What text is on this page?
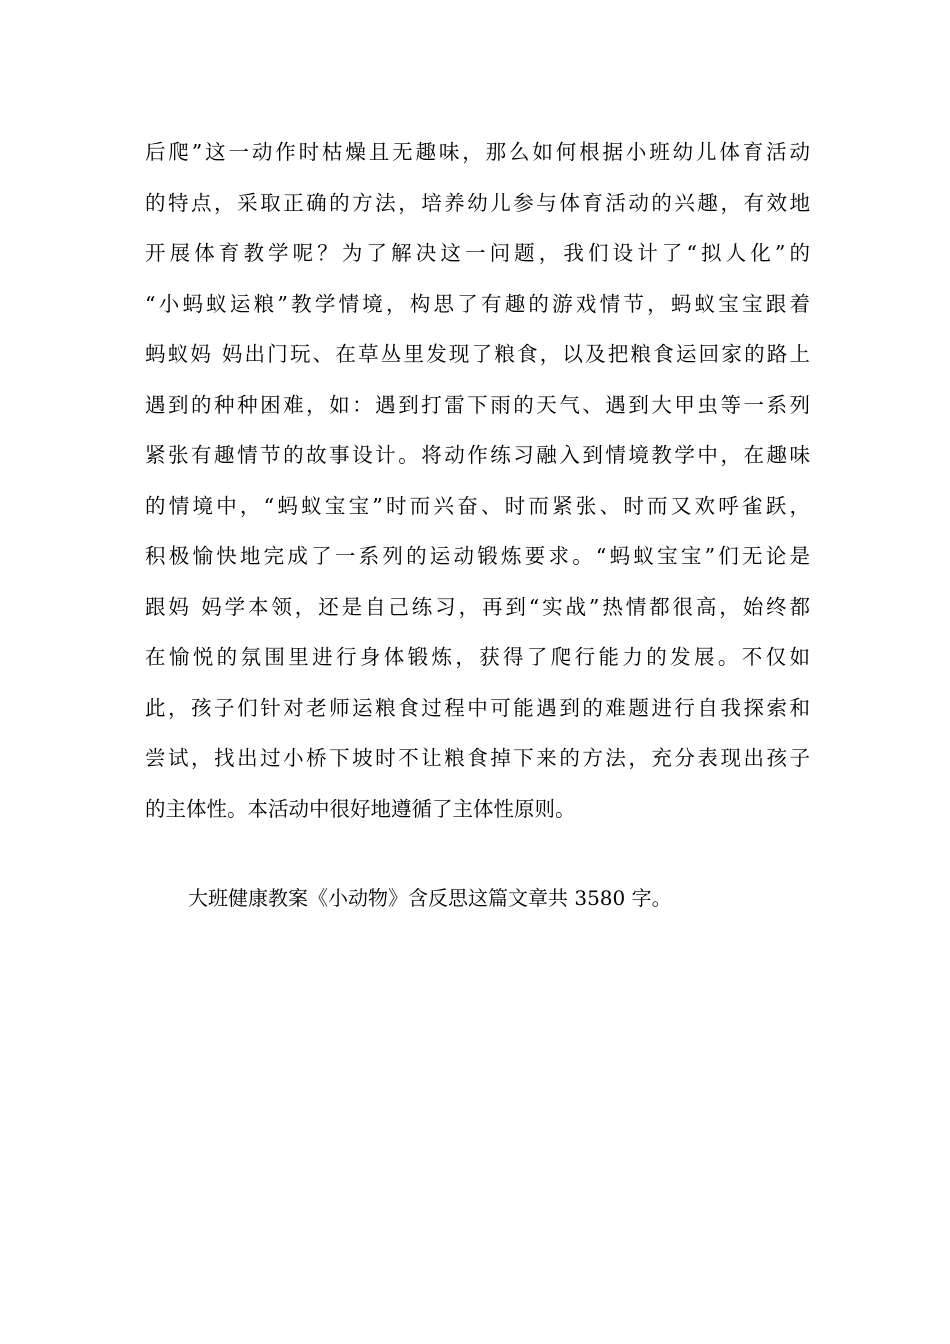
后爬”这一动作时枯燥且无趣味，那么如何根据小班幼儿体育活动
的特点，采取正确的方法，培养幼儿参与体育活动的兴趣，有效地
开展体育教学呢？为了解决这一问题，我们设计了“拟人化”的
“小蚂蚁运粮”教学情境，构思了有趣的游戏情节，蚂蚁宝宝跟着
蚂蚁妈 妈出门玩、在草丛里发现了粮食，以及把粮食运回家的路上
遇到的种种困难，如：遇到打雷下雨的天气、遇到大甲虫等一系列
紧张有趣情节的故事设计。将动作练习融入到情境教学中，在趣味
的情境中，“蚂蚁宝宝”时而兴奋、时而紧张、时而又欢呼雀跃，
积极愉快地完成了一系列的运动锻炼要求。“蚂蚁宝宝”们无论是
跟妈 妈学本领，还是自己练习，再到“实战”热情都很高，始终都
在愉悦的氛围里进行身体锻炼，获得了爬行能力的发展。不仅如
此，孩子们针对老师运粮食过程中可能遇到的难题进行自我探索和
尝试，找出过小桥下坡时不让粮食掉下来的方法，充分表现出孩子
的主体性。本活动中很好地遵循了主体性原则。
大班健康教案《小动物》含反思这篇文章共 3580 字。
